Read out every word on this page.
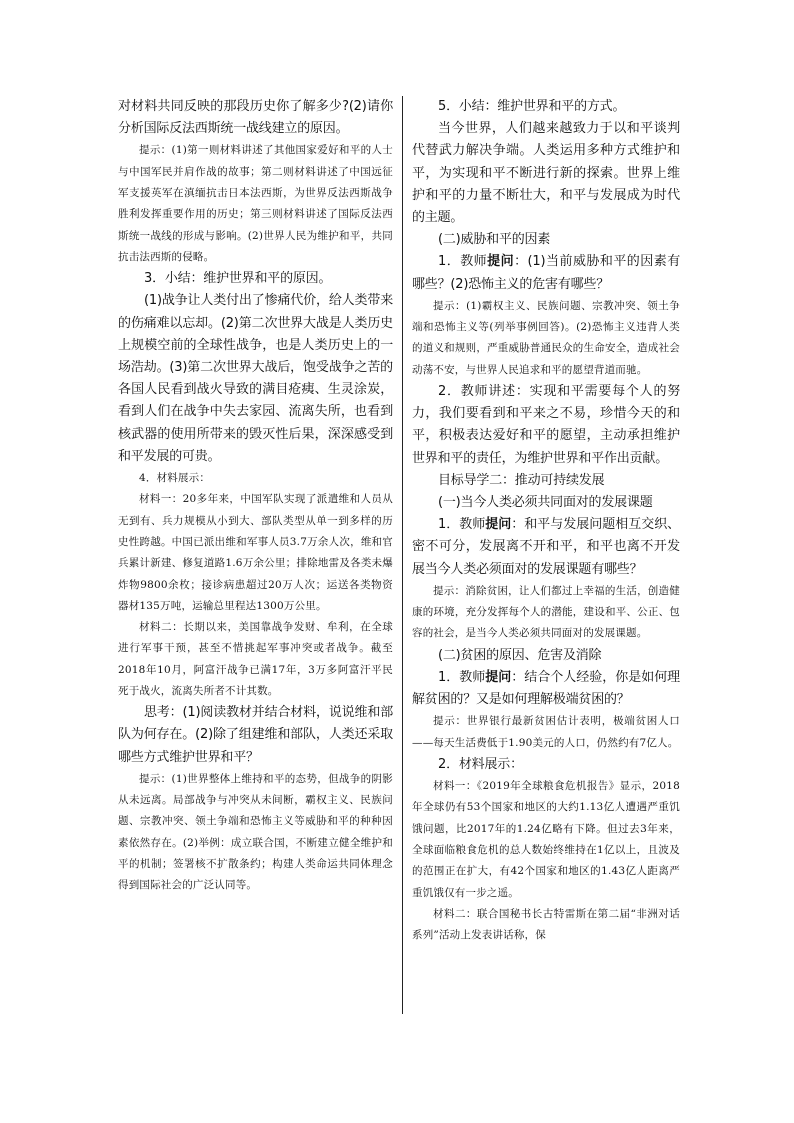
对材料共同反映的那段历史你了解多少?(2)请你分析国际反法西斯统一战线建立的原因。

提示：(1)第一则材料讲述了其他国家爱好和平的人士与中国军民并肩作战的故事；第二则材料讲述了中国远征军支援英军在滇缅抗击日本法西斯，为世界反法西斯战争胜利发挥重要作用的历史；第三则材料讲述了国际反法西斯统一战线的形成与影响。(2)世界人民为维护和平，共同抗击法西斯的侵略。

3．小结：维护世界和平的原因。

(1)战争让人类付出了惨痛代价，给人类带来的伤痛难以忘却。(2)第二次世界大战是人类历史上规模空前的全球性战争，也是人类历史上的一场浩劫。(3)第二次世界大战后，饱受战争之苦的各国人民看到战火导致的满目疮痍、生灵涂炭，看到人们在战争中失去家园、流离失所，也看到核武器的使用所带来的毁灭性后果，深深感受到和平发展的可贵。

4．材料展示：

材料一：20多年来，中国军队实现了派遣维和人员从无到有、兵力规模从小到大、部队类型从单一到多样的历史性跨越。中国已派出维和军事人员3.7万余人次，维和官兵累计新建、修复道路1.6万余公里；排除地雷及各类未爆炸物9800余枚；接诊病患超过20万人次；运送各类物资器材135万吨，运输总里程达1300万公里。

材料二：长期以来，美国靠战争发财、牟利，在全球进行军事干预，甚至不惜挑起军事冲突或者战争。截至2018年10月，阿富汗战争已满17年，3万多阿富汗平民死于战火，流离失所者不计其数。

思考：(1)阅读教材并结合材料，说说维和部队为何存在。(2)除了组建维和部队，人类还采取哪些方式维护世界和平？

提示：(1)世界整体上维持和平的态势，但战争的阴影从未远离。局部战争与冲突从未间断，霸权主义、民族问题、宗教冲突、领土争端和恐怖主义等威胁和平的种种因素依然存在。(2)举例：成立联合国，不断建立健全维护和平的机制；签署核不扩散条约；构建人类命运共同体理念得到国际社会的广泛认同等。

5．小结：维护世界和平的方式。

当今世界，人们越来越致力于以和平谈判代替武力解决争端。人类运用多种方式维护和平，为实现和平不断进行新的探索。世界上维护和平的力量不断壮大，和平与发展成为时代的主题。

(二)威胁和平的因素

1．教师提问：(1)当前威胁和平的因素有哪些？(2)恐怖主义的危害有哪些？

提示：(1)霸权主义、民族问题、宗教冲突、领土争端和恐怖主义等(列举事例回答)。(2)恐怖主义违背人类的道义和规则，严重威胁普通民众的生命安全，造成社会动荡不安，与世界人民追求和平的愿望背道而驰。

2．教师讲述：实现和平需要每个人的努力，我们要看到和平来之不易，珍惜今天的和平，积极表达爱好和平的愿望，主动承担维护世界和平的责任，为维护世界和平作出贡献。

目标导学二：推动可持续发展

(一)当今人类必须共同面对的发展课题

1．教师提问：和平与发展问题相互交织、密不可分，发展离不开和平，和平也离不开发展当今人类必须面对的发展课题有哪些？

提示：消除贫困，让人们都过上幸福的生活，创造健康的环境，充分发挥每个人的潜能，建设和平、公正、包容的社会，是当今人类必须共同面对的发展课题。

(二)贫困的原因、危害及消除

1．教师提问：结合个人经验，你是如何理解贫困的？又是如何理解极端贫困的？

提示：世界银行最新贫困估计表明，极端贫困人口——每天生活费低于1.90美元的人口，仍然约有7亿人。

2．材料展示：

材料一：《2019年全球粮食危机报告》显示，2018年全球仍有53个国家和地区的大约1.13亿人遭遇严重饥饿问题，比2017年的1.24亿略有下降。但过去3年来，全球面临粮食危机的总人数始终维持在1亿以上，且波及的范围正在扩大，有42个国家和地区的1.43亿人距离严重饥饿仅有一步之遥。

材料二：联合国秘书长古特雷斯在第二届“非洲对话系列”活动上发表讲话称，保
